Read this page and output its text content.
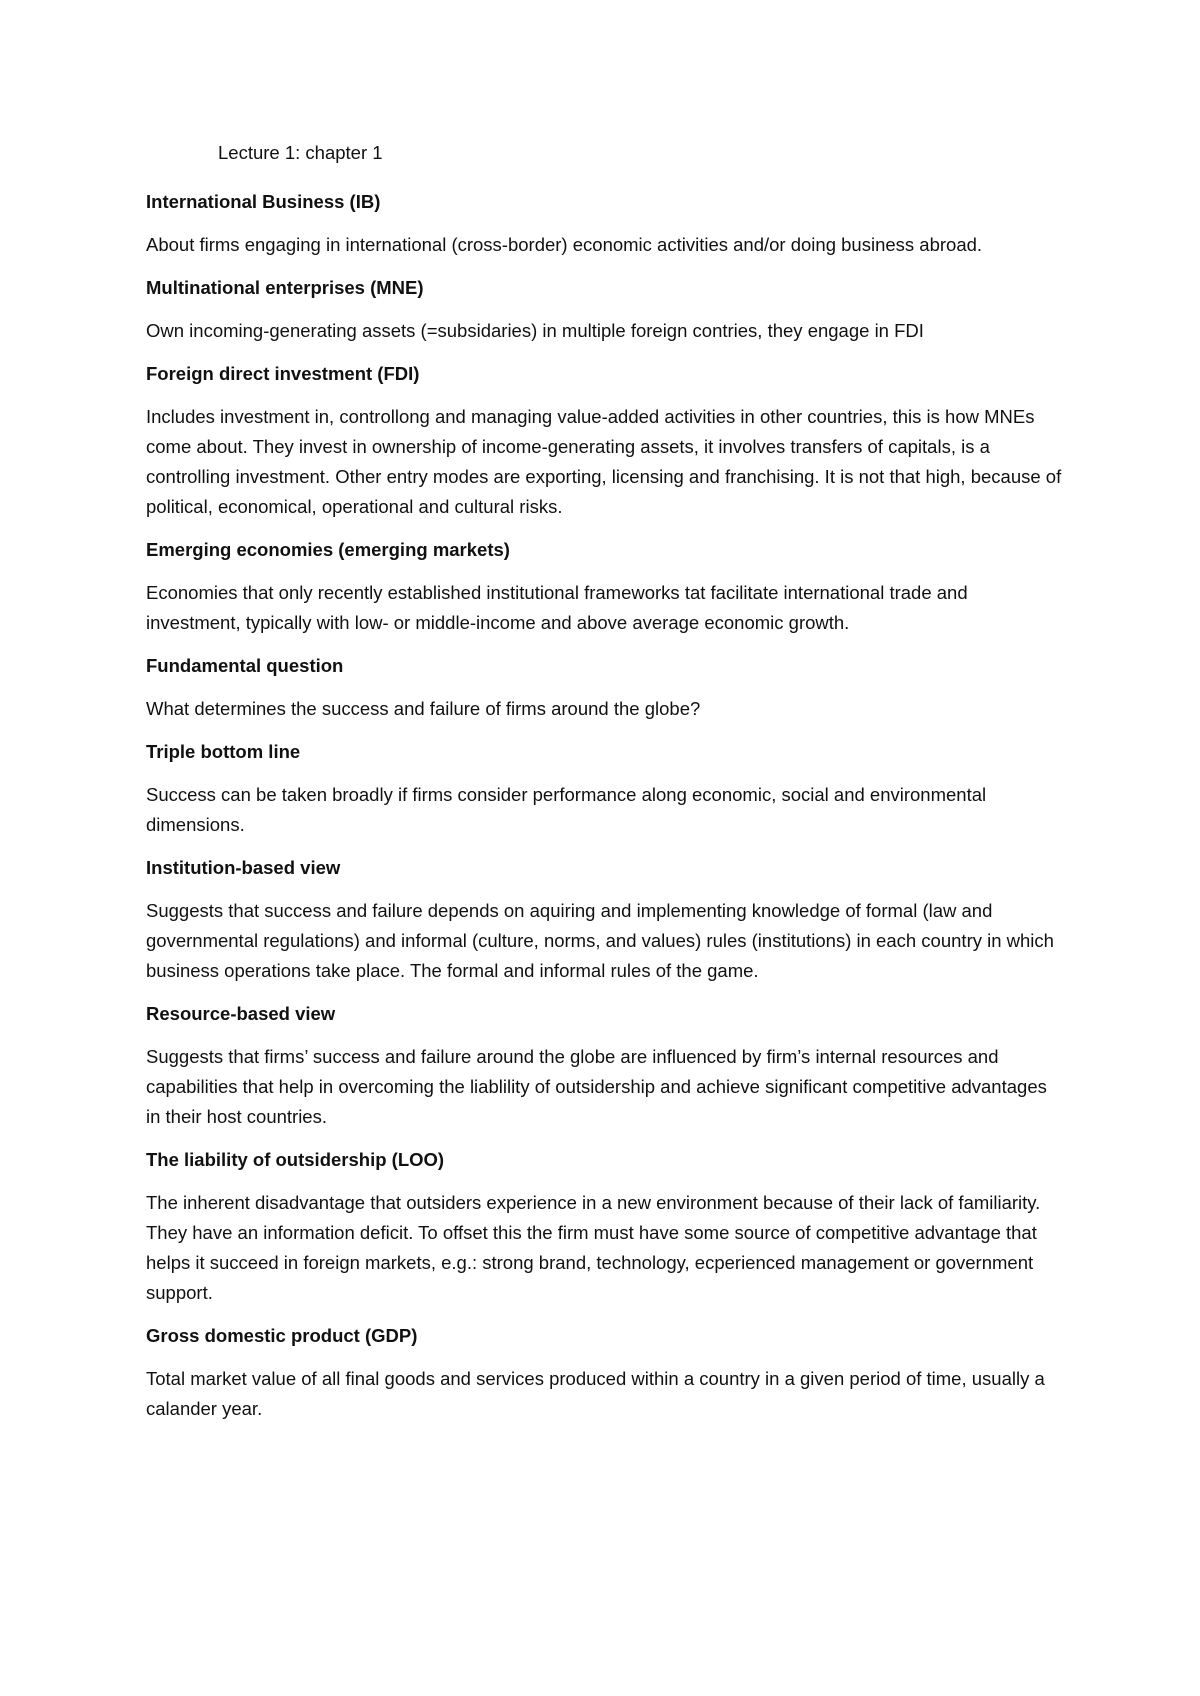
Lecture 1: chapter 1

International Business (IB)

About firms engaging in international (cross-border) economic activities and/or doing business abroad.

Multinational enterprises (MNE)

Own incoming-generating assets (=subsidaries) in multiple foreign contries, they engage in FDI

Foreign direct investment (FDI)

Includes investment in, controllong and managing value-added activities in other countries, this is how MNEs come about. They invest in ownership of income-generating assets, it involves transfers of capitals, is a controlling investment. Other entry modes are exporting, licensing and franchising. It is not that high, because of political, economical, operational and cultural risks.

Emerging economies (emerging markets)

Economies that only recently established institutional frameworks tat facilitate international trade and investment, typically with low- or middle-income and above average economic growth.

Fundamental question

What determines the success and failure of firms around the globe?

Triple bottom line

Success can be taken broadly if firms consider performance along economic, social and environmental dimensions.

Institution-based view

Suggests that success and failure depends on aquiring and implementing knowledge of formal (law and governmental regulations) and informal (culture, norms, and values) rules (institutions) in each country in which business operations take place. The formal and informal rules of the game.

Resource-based view

Suggests that firms’ success and failure around the globe are influenced by firm’s internal resources and capabilities that help in overcoming the liablility of outsidership and achieve significant competitive advantages in their host countries.

The liability of outsidership (LOO)

The inherent disadvantage that outsiders experience in a new environment because of their lack of familiarity. They have an information deficit. To offset this the firm must have some source of competitive advantage that helps it succeed in foreign markets, e.g.: strong brand, technology, ecperienced management or government support.

Gross domestic product (GDP)

Total market value of all final goods and services produced within a country in a given period of time, usually a calander year.
